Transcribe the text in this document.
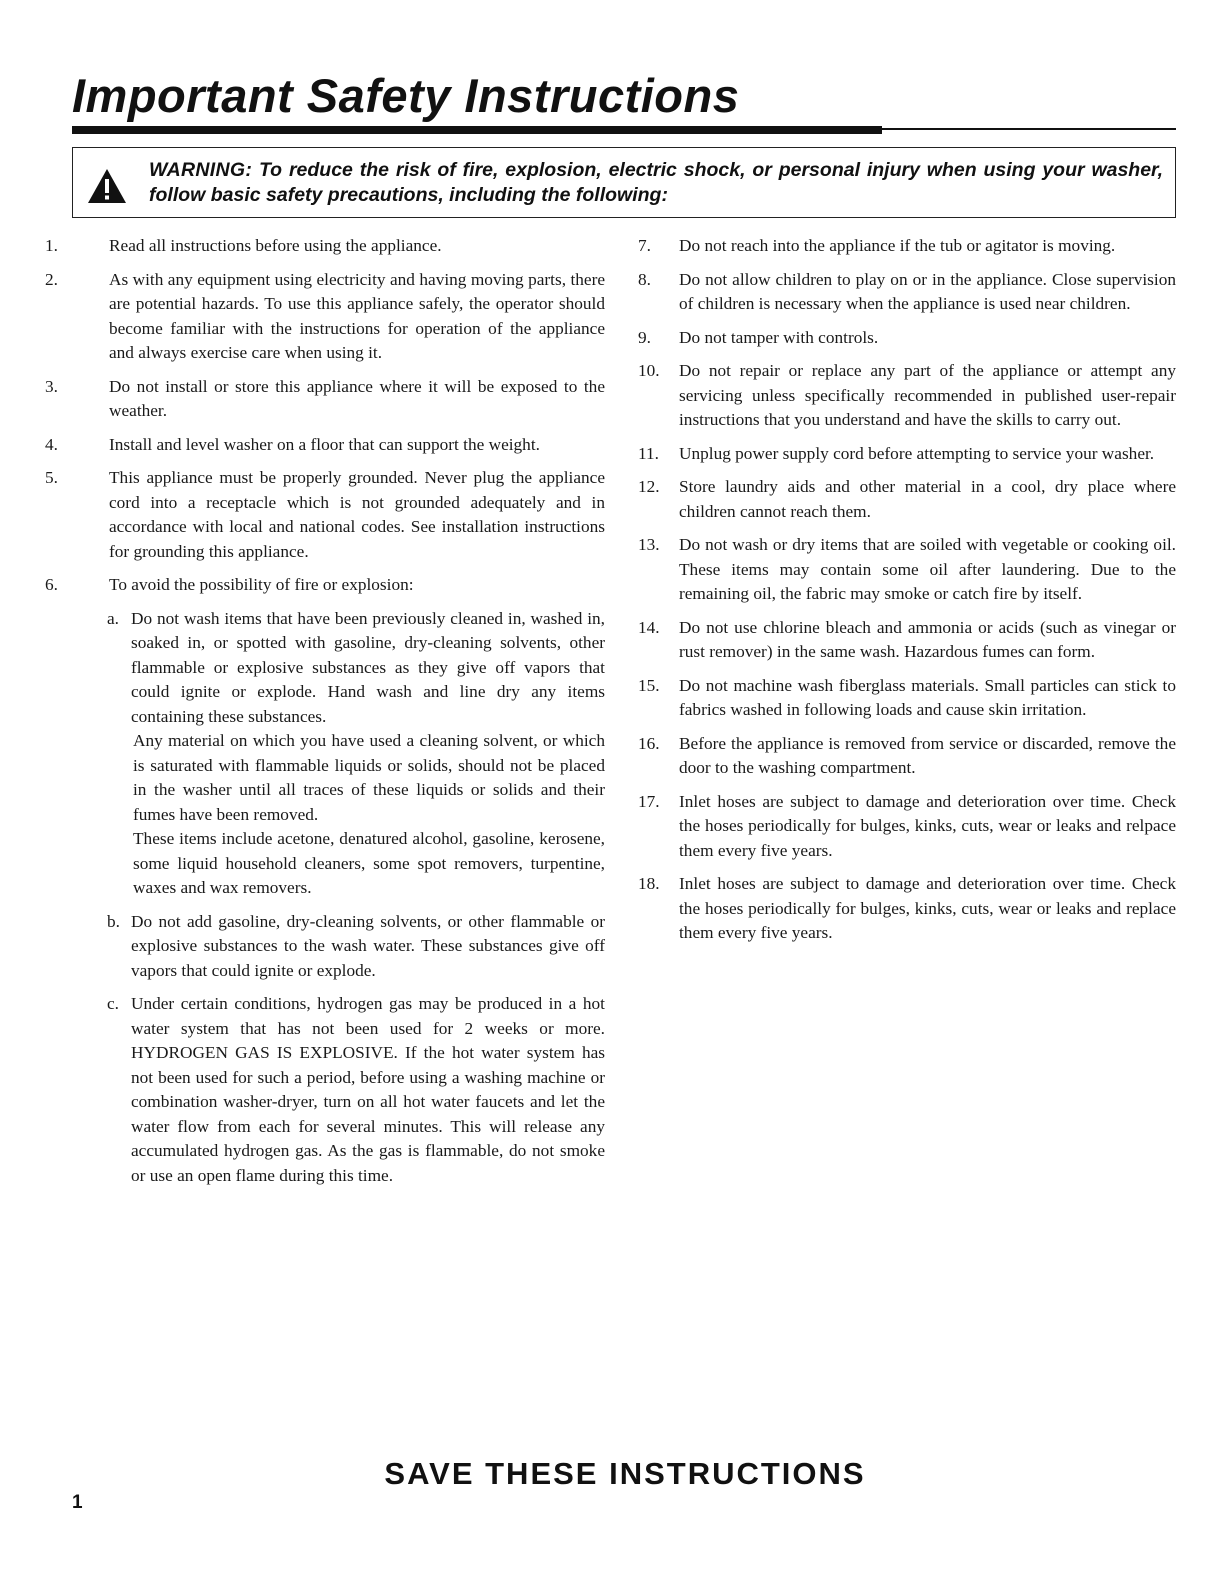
Important Safety Instructions

WARNING: To reduce the risk of fire, explosion, electric shock, or personal injury when using your washer, follow basic safety precautions, including the following:

1.	Read all instructions before using the appliance.

2.	As with any equipment using electricity and having moving parts, there are potential hazards. To use this appliance safely, the operator should become familiar with the instructions for operation of the appliance and always exercise care when using it.

3.	Do not install or store this appliance where it will be exposed to the weather.

4.	Install and level washer on a floor that can support the weight.

5.	This appliance must be properly grounded. Never plug the appliance cord into a receptacle which is not grounded adequately and in accordance with local and national codes. See installation instructions for grounding this appliance.

6.	To avoid the possibility of fire or explosion:

a. Do not wash items that have been previously cleaned in, washed in, soaked in, or spotted with gasoline, dry-cleaning solvents, other flammable or explosive substances as they give off vapors that could ignite or explode. Hand wash and line dry any items containing these substances.

Any material on which you have used a cleaning solvent, or which is saturated with flammable liquids or solids, should not be placed in the washer until all traces of these liquids or solids and their fumes have been removed.

These items include acetone, denatured alcohol, gasoline, kerosene, some liquid household cleaners, some spot removers, turpentine, waxes and wax removers.

b. Do not add gasoline, dry-cleaning solvents, or other flammable or explosive substances to the wash water. These substances give off vapors that could ignite or explode.

c. Under certain conditions, hydrogen gas may be produced in a hot water system that has not been used for 2 weeks or more. HYDROGEN GAS IS EXPLOSIVE. If the hot water system has not been used for such a period, before using a washing machine or combination washer-dryer, turn on all hot water faucets and let the water flow from each for several minutes. This will release any accumulated hydrogen gas. As the gas is flammable, do not smoke or use an open flame during this time.

7. Do not reach into the appliance if the tub or agitator is moving.

8. Do not allow children to play on or in the appliance. Close supervision of children is necessary when the appliance is used near children.

9. Do not tamper with controls.

10. Do not repair or replace any part of the appliance or attempt any servicing unless specifically recommended in published user-repair instructions that you understand and have the skills to carry out.

11. Unplug power supply cord before attempting to service your washer.

12. Store laundry aids and other material in a cool, dry place where children cannot reach them.

13. Do not wash or dry items that are soiled with vegetable or cooking oil. These items may contain some oil after laundering. Due to the remaining oil, the fabric may smoke or catch fire by itself.

14. Do not use chlorine bleach and ammonia or acids (such as vinegar or rust remover) in the same wash. Hazardous fumes can form.

15. Do not machine wash fiberglass materials. Small particles can stick to fabrics washed in following loads and cause skin irritation.

16. Before the appliance is removed from service or discarded, remove the door to the washing compartment.

17. Inlet hoses are subject to damage and deterioration over time. Check the hoses periodically for bulges, kinks, cuts, wear or leaks and relpace them every five years.

18. Inlet hoses are subject to damage and deterioration over time. Check the hoses periodically for bulges, kinks, cuts, wear or leaks and replace them every five years.

SAVE THESE INSTRUCTIONS

1
